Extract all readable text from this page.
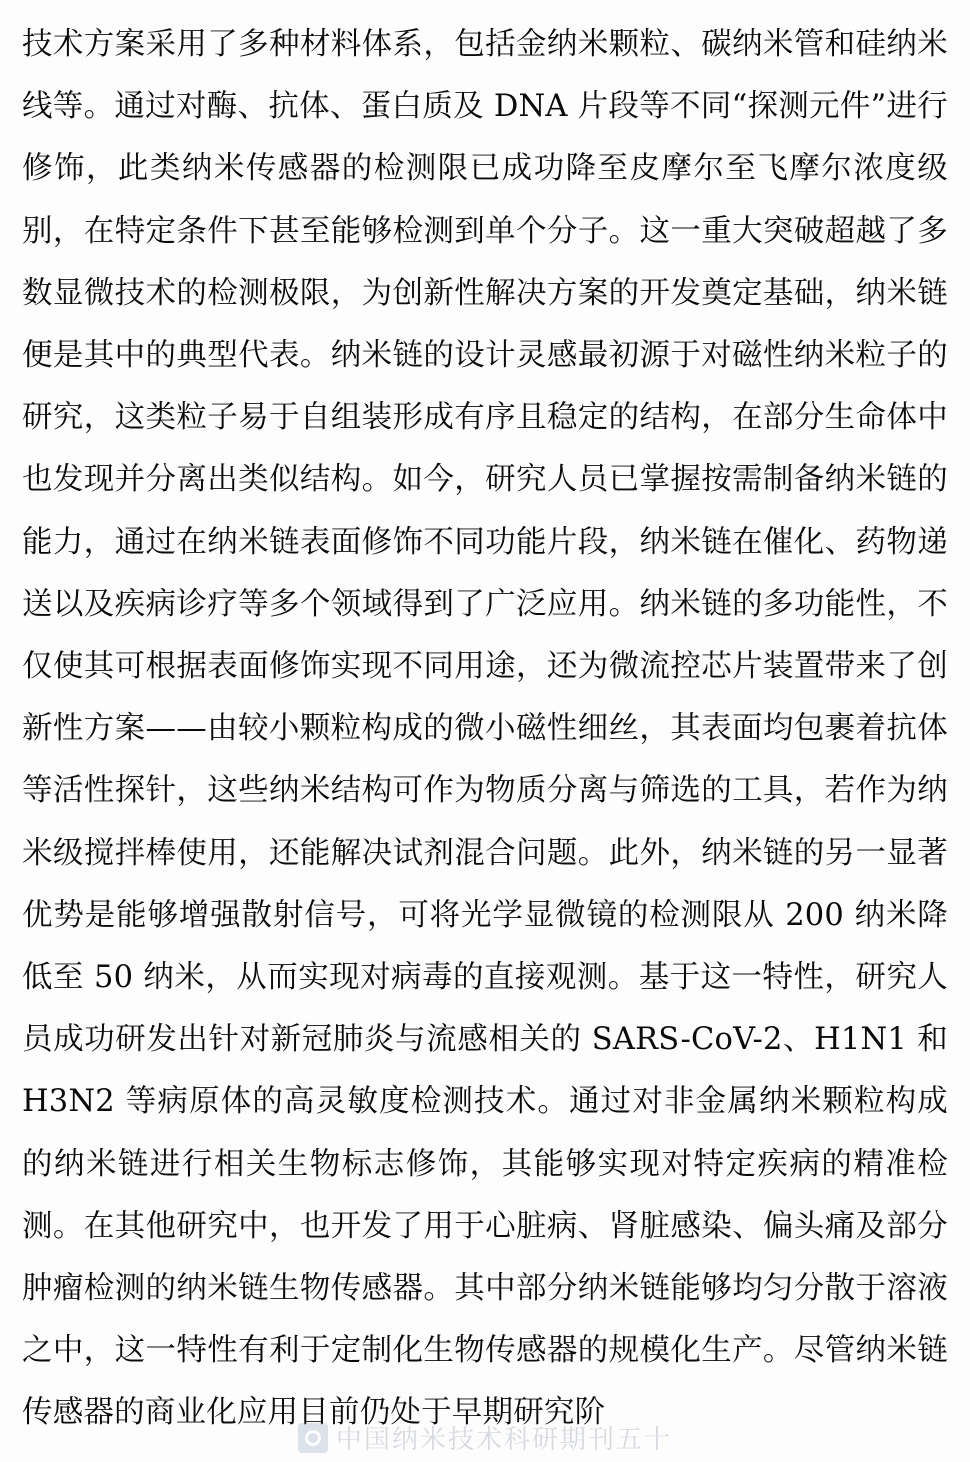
技术方案采用了多种材料体系，包括金纳米颗粒、碳纳米管和硅纳米线等。通过对酶、抗体、蛋白质及 DNA 片段等不同“探测元件”进行修饰，此类纳米传感器的检测限已成功降至皮摩尔至飞摩尔浓度级别，在特定条件下甚至能够检测到单个分子。这一重大突破超越了多数显微技术的检测极限，为创新性解决方案的开发奠定基础，纳米链便是其中的典型代表。纳米链的设计灵感最初源于对磁性纳米粒子的研究，这类粒子易于自组装形成有序且稳定的结构，在部分生命体中也发现并分离出类似结构。如今，研究人员已掌握按需制备纳米链的能力，通过在纳米链表面修饰不同功能片段，纳米链在催化、药物递送以及疾病诊疗等多个领域得到了广泛应用。纳米链的多功能性，不仅使其可根据表面修饰实现不同用途，还为微流控芯片装置带来了创新性方案——由较小颗粒构成的微小磁性细丝，其表面均包裹着抗体等活性探针，这些纳米结构可作为物质分离与筛选的工具，若作为纳米级搅拌棒使用，还能解决试剂混合问题。此外，纳米链的另一显著优势是能够增强散射信号，可将光学显微镜的检测限从 200 纳米降低至 50 纳米，从而实现对病毒的直接观测。基于这一特性，研究人员成功研发出针对新冠肺炎与流感相关的 SARS-CoV-2、H1N1 和 H3N2 等病原体的高灵敏度检测技术。通过对非金属纳米颗粒构成的纳米链进行相关生物标志修饰，其能够实现对特定疾病的精准检测。在其他研究中，也开发了用于心脏病、肾脏感染、偏头痛及部分肿瘤检测的纳米链生物传感器。其中部分纳米链能够均匀分散于溶液之中，这一特性有利于定制化生物传感器的规模化生产。尽管纳米链传感器的商业化应用目前仍处于早期研究阶
中国纳米技术科研期刊五十
